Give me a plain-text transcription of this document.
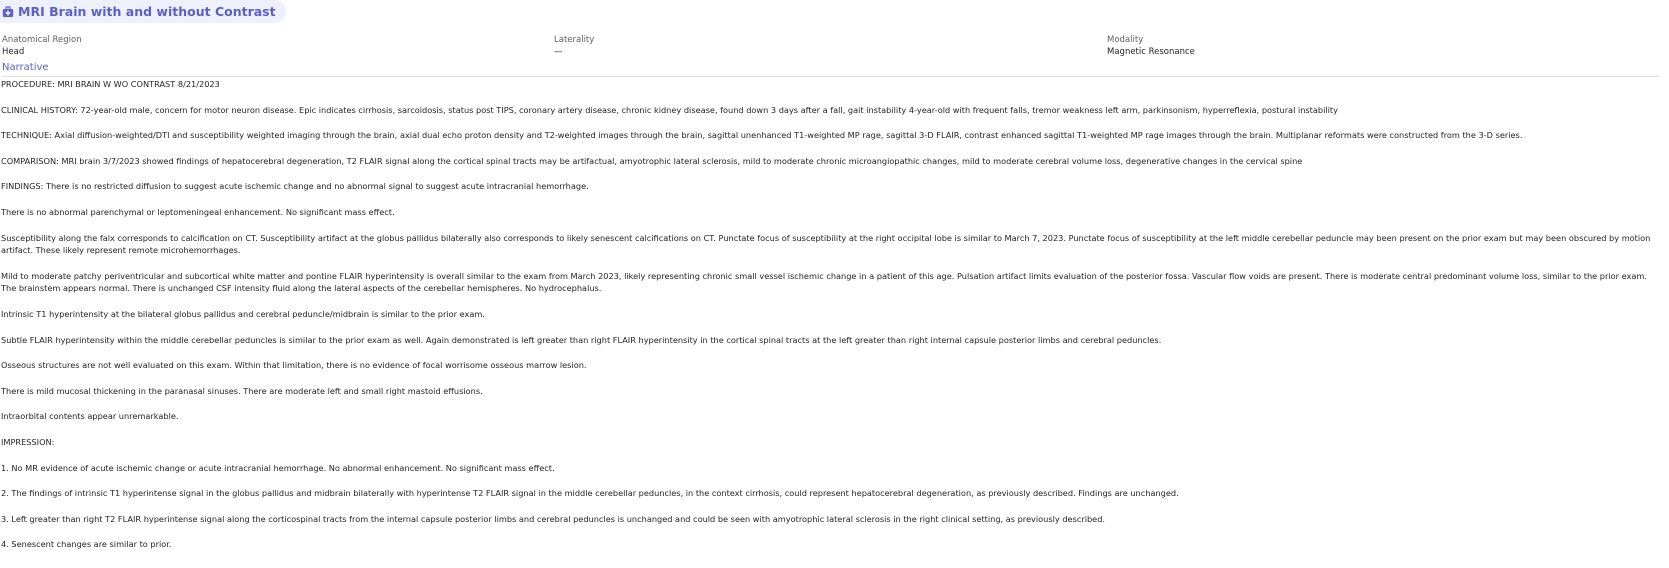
MRI Brain with and without Contrast
Anatomical Region
Head
Laterality
—
Modality
Magnetic Resonance
Narrative

PROCEDURE: MRI BRAIN W WO CONTRAST 8/21/2023

CLINICAL HISTORY: 72-year-old male, concern for motor neuron disease. Epic indicates cirrhosis, sarcoidosis, status post TIPS, coronary artery disease, chronic kidney disease, found down 3 days after a fall, gait instability 4-year-old with frequent falls, tremor weakness left arm, parkinsonism, hyperreflexia, postural instability

TECHNIQUE: Axial diffusion-weighted/DTI and susceptibility weighted imaging through the brain, axial dual echo proton density and T2-weighted images through the brain, sagittal unenhanced T1-weighted MP rage, sagittal 3-D FLAIR, contrast enhanced sagittal T1-weighted MP rage images through the brain. Multiplanar reformats were constructed from the 3-D series.

COMPARISON: MRI brain 3/7/2023 showed findings of hepatocerebral degeneration, T2 FLAIR signal along the cortical spinal tracts may be artifactual, amyotrophic lateral sclerosis, mild to moderate chronic microangiopathic changes, mild to moderate cerebral volume loss, degenerative changes in the cervical spine

FINDINGS: There is no restricted diffusion to suggest acute ischemic change and no abnormal signal to suggest acute intracranial hemorrhage.

There is no abnormal parenchymal or leptomeningeal enhancement. No significant mass effect.

Susceptibility along the falx corresponds to calcification on CT. Susceptibility artifact at the globus pallidus bilaterally also corresponds to likely senescent calcifications on CT. Punctate focus of susceptibility at the right occipital lobe is similar to March 7, 2023. Punctate focus of susceptibility at the left middle cerebellar peduncle may been present on the prior exam but may been obscured by motion artifact. These likely represent remote microhemorrhages.

Mild to moderate patchy periventricular and subcortical white matter and pontine FLAIR hyperintensity is overall similar to the exam from March 2023, likely representing chronic small vessel ischemic change in a patient of this age. Pulsation artifact limits evaluation of the posterior fossa. Vascular flow voids are present. There is moderate central predominant volume loss, similar to the prior exam. The brainstem appears normal. There is unchanged CSF intensity fluid along the lateral aspects of the cerebellar hemispheres. No hydrocephalus.

Intrinsic T1 hyperintensity at the bilateral globus pallidus and cerebral peduncle/midbrain is similar to the prior exam.

Subtle FLAIR hyperintensity within the middle cerebellar peduncles is similar to the prior exam as well. Again demonstrated is left greater than right FLAIR hyperintensity in the cortical spinal tracts at the left greater than right internal capsule posterior limbs and cerebral peduncles.

Osseous structures are not well evaluated on this exam. Within that limitation, there is no evidence of focal worrisome osseous marrow lesion.

There is mild mucosal thickening in the paranasal sinuses. There are moderate left and small right mastoid effusions.

Intraorbital contents appear unremarkable.

IMPRESSION:

1. No MR evidence of acute ischemic change or acute intracranial hemorrhage. No abnormal enhancement. No significant mass effect.

2. The findings of intrinsic T1 hyperintense signal in the globus pallidus and midbrain bilaterally with hyperintense T2 FLAIR signal in the middle cerebellar peduncles, in the context cirrhosis, could represent hepatocerebral degeneration, as previously described. Findings are unchanged.

3. Left greater than right T2 FLAIR hyperintense signal along the corticospinal tracts from the internal capsule posterior limbs and cerebral peduncles is unchanged and could be seen with amyotrophic lateral sclerosis in the right clinical setting, as previously described.

4. Senescent changes are similar to prior.
